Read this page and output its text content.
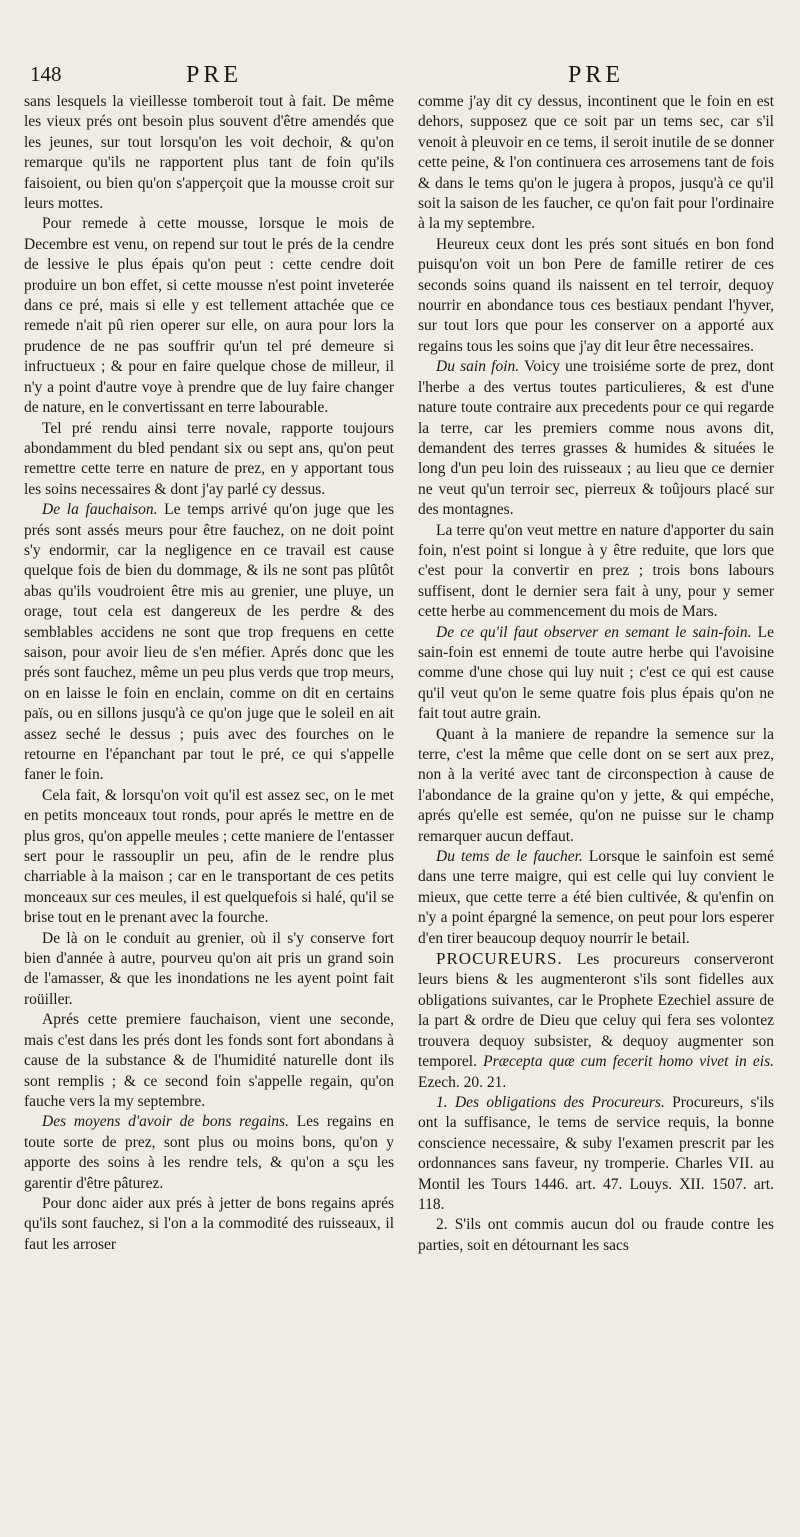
148	PRE	PRE

sans lesquels la vieillesse tomberoit tout à fait. De même les vieux prés ont besoin plus souvent d'être amendés que les jeunes, sur tout lorsqu'on les voit dechoir, & qu'on remarque qu'ils ne rapportent plus tant de foin qu'ils faisoient, ou bien qu'on s'apperçoit que la mousse croit sur leurs mottes.

Pour remede à cette mousse, lorsque le mois de Decembre est venu, on repend sur tout le prés de la cendre de lessive le plus épais qu'on peut : cette cendre doit produire un bon effet, si cette mousse n'est point inveterée dans ce pré, mais si elle y est tellement attachée que ce remede n'ait pû rien operer sur elle, on aura pour lors la prudence de ne pas souffrir qu'un tel pré demeure si infructueux ; & pour en faire quelque chose de milleur, il n'y a point d'autre voye à prendre que de luy faire changer de nature, en le convertissant en terre labourable.

Tel pré rendu ainsi terre novale, rapporte toujours abondamment du bled pendant six ou sept ans, qu'on peut remettre cette terre en nature de prez, en y apportant tous les soins necessaires & dont j'ay parlé cy dessus.

De la fauchaison. Le temps arrivé qu'on juge que les prés sont assés meurs pour être fauchez, on ne doit point s'y endormir, car la negligence en ce travail est cause quelque fois de bien du dommage, & ils ne sont pas plûtôt abas qu'ils voudroient être mis au grenier, une pluye, un orage, tout cela est dangereux de les perdre & des semblables accidens ne sont que trop frequens en cette saison, pour avoir lieu de s'en méfier. Aprés donc que les prés sont fauchez, même un peu plus verds que trop meurs, on en laisse le foin en enclain, comme on dit en certains païs, ou en sillons jusqu'à ce qu'on juge que le soleil en ait assez seché le dessus ; puis avec des fourches on le retourne en l'épanchant par tout le pré, ce qui s'appelle faner le foin.

Cela fait, & lorsqu'on voit qu'il est assez sec, on le met en petits monceaux tout ronds, pour aprés le mettre en de plus gros, qu'on appelle meules ; cette maniere de l'entasser sert pour le rassouplir un peu, afin de le rendre plus charriable à la maison ; car en le transportant de ces petits monceaux sur ces meules, il est quelquefois si halé, qu'il se brise tout en le prenant avec la fourche.

De là on le conduit au grenier, où il s'y conserve fort bien d'année à autre, pourveu qu'on ait pris un grand soin de l'amasser, & que les inondations ne les ayent point fait roüiller.

Aprés cette premiere fauchaison, vient une seconde, mais c'est dans les prés dont les fonds sont fort abondans à cause de la substance & de l'humidité naturelle dont ils sont remplis ; & ce second foin s'appelle regain, qu'on fauche vers la my septembre.

Des moyens d'avoir de bons regains. Les regains en toute sorte de prez, sont plus ou moins bons, qu'on y apporte des soins à les rendre tels, & qu'on a sçu les garentir d'être pâturez.

Pour donc aider aux prés à jetter de bons regains aprés qu'ils sont fauchez, si l'on a la commodité des ruisseaux, il faut les arroser

comme j'ay dit cy dessus, incontinent que le foin en est dehors, supposez que ce soit par un tems sec, car s'il venoit à pleuvoir en ce tems, il seroit inutile de se donner cette peine, & l'on continuera ces arrosemens tant de fois & dans le tems qu'on le jugera à propos, jusqu'à ce qu'il soit la saison de les faucher, ce qu'on fait pour l'ordinaire à la my septembre.

Heureux ceux dont les prés sont situés en bon fond puisqu'on voit un bon Pere de famille retirer de ces seconds soins quand ils naissent en tel terroir, dequoy nourrir en abondance tous ces bestiaux pendant l'hyver, sur tout lors que pour les conserver on a apporté aux regains tous les soins que j'ay dit leur être necessaires.

Du sain foin. Voicy une troisiéme sorte de prez, dont l'herbe a des vertus toutes particulieres, & est d'une nature toute contraire aux precedents pour ce qui regarde la terre, car les premiers comme nous avons dit, demandent des terres grasses & humides & situées le long d'un peu loin des ruisseaux ; au lieu que ce dernier ne veut qu'un terroir sec, pierreux & toûjours placé sur des montagnes.

La terre qu'on veut mettre en nature d'apporter du sain foin, n'est point si longue à y être reduite, que lors que c'est pour la convertir en prez ; trois bons labours suffisent, dont le dernier sera fait à uny, pour y semer cette herbe au commencement du mois de Mars.

De ce qu'il faut observer en semant le sain-foin. Le sain-foin est ennemi de toute autre herbe qui l'avoisine comme d'une chose qui luy nuit ; c'est ce qui est cause qu'il veut qu'on le seme quatre fois plus épais qu'on ne fait tout autre grain.

Quant à la maniere de repandre la semence sur la terre, c'est la même que celle dont on se sert aux prez, non à la verité avec tant de circonspection à cause de l'abondance de la graine qu'on y jette, & qui empéche, aprés qu'elle est semée, qu'on ne puisse sur le champ remarquer aucun deffaut.

Du tems de le faucher. Lorsque le sainfoin est semé dans une terre maigre, qui est celle qui luy convient le mieux, que cette terre a été bien cultivée, & qu'enfin on n'y a point épargné la semence, on peut pour lors esperer d'en tirer beaucoup dequoy nourrir le betail.

PROCUREURS. Les procureurs conserveront leurs biens & les augmenteront s'ils sont fidelles aux obligations suivantes, car le Prophete Ezechiel assure de la part & ordre de Dieu que celuy qui fera ses volontez trouvera dequoy subsister, & dequoy augmenter son temporel. Præcepta quæ cum fecerit homo vivet in eis. Ezech. 20. 21.

1. Des obligations des Procureurs. Procureurs, s'ils ont la suffisance, le tems de service requis, la bonne conscience necessaire, & suby l'examen prescrit par les ordonnances sans faveur, ny tromperie. Charles VII. au Montil les Tours 1446. art. 47. Louys. XII. 1507. art. 118.

2. S'ils ont commis aucun dol ou fraude contre les parties, soit en détournant les sacs
